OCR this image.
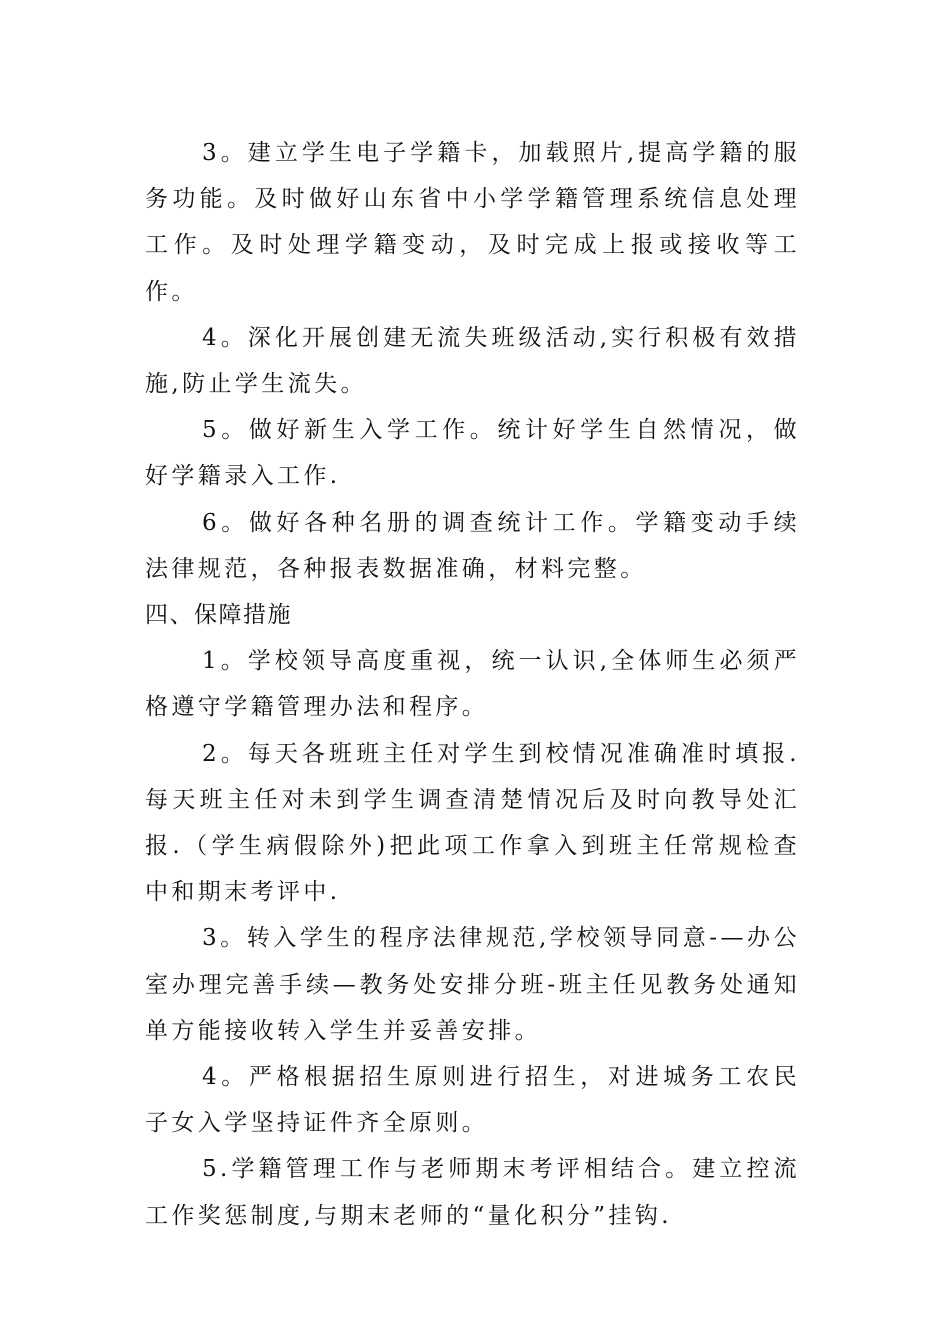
3。建立学生电子学籍卡，加载照片,提高学籍的服务功能。及时做好山东省中小学学籍管理系统信息处理工作。及时处理学籍变动，及时完成上报或接收等工作。

4。深化开展创建无流失班级活动,实行积极有效措施,防止学生流失。

5。做好新生入学工作。统计好学生自然情况，做好学籍录入工作.

6。做好各种名册的调查统计工作。学籍变动手续法律规范，各种报表数据准确，材料完整。

四、保障措施

1。学校领导高度重视，统一认识,全体师生必须严格遵守学籍管理办法和程序。

2。每天各班班主任对学生到校情况准确准时填报.每天班主任对未到学生调查清楚情况后及时向教导处汇报.（学生病假除外)把此项工作拿入到班主任常规检查中和期末考评中.

3。转入学生的程序法律规范,学校领导同意-—办公室办理完善手续—教务处安排分班-班主任见教务处通知单方能接收转入学生并妥善安排。

4。严格根据招生原则进行招生，对进城务工农民子女入学坚持证件齐全原则。

5.学籍管理工作与老师期末考评相结合。建立控流工作奖惩制度,与期末老师的“量化积分”挂钩.
